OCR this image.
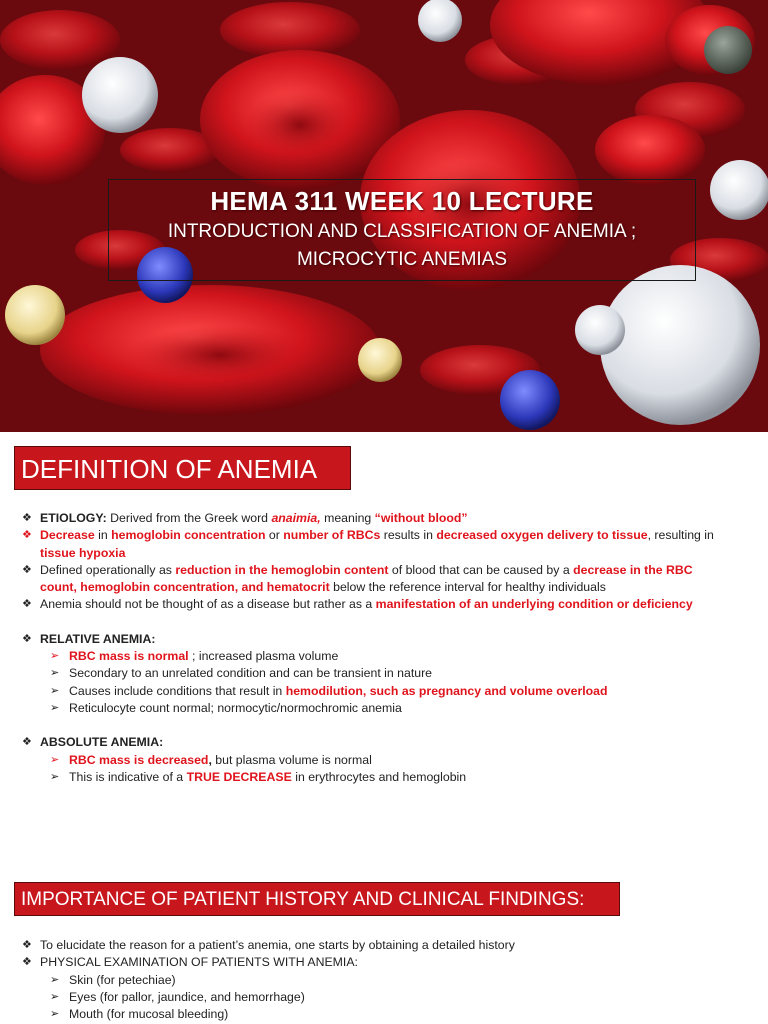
HEMA 311 WEEK 10 LECTURE
INTRODUCTION AND CLASSIFICATION OF ANEMIA ;
MICROCYTIC ANEMIAS
DEFINITION OF ANEMIA
❖ ETIOLOGY: Derived from the Greek word anaimia, meaning “without blood”
❖ Decrease in hemoglobin concentration or number of RBCs results in decreased oxygen delivery to tissue, resulting in
tissue hypoxia
❖ Defined operationally as reduction in the hemoglobin content of blood that can be caused by a decrease in the RBC
count, hemoglobin concentration, and hematocrit below the reference interval for healthy individuals
❖ Anemia should not be thought of as a disease but rather as a manifestation of an underlying condition or deficiency
❖ RELATIVE ANEMIA:
➢ RBC mass is normal ; increased plasma volume
➢ Secondary to an unrelated condition and can be transient in nature
➢ Causes include conditions that result in hemodilution, such as pregnancy and volume overload
➢ Reticulocyte count normal; normocytic/normochromic anemia
❖ ABSOLUTE ANEMIA:
➢ RBC mass is decreased, but plasma volume is normal
➢ This is indicative of a TRUE DECREASE in erythrocytes and hemoglobin
IMPORTANCE OF PATIENT HISTORY AND CLINICAL FINDINGS:
❖ To elucidate the reason for a patient’s anemia, one starts by obtaining a detailed history
❖ PHYSICAL EXAMINATION OF PATIENTS WITH ANEMIA:
➢ Skin (for petechiae)
➢ Eyes (for pallor, jaundice, and hemorrhage)
➢ Mouth (for mucosal bleeding)
